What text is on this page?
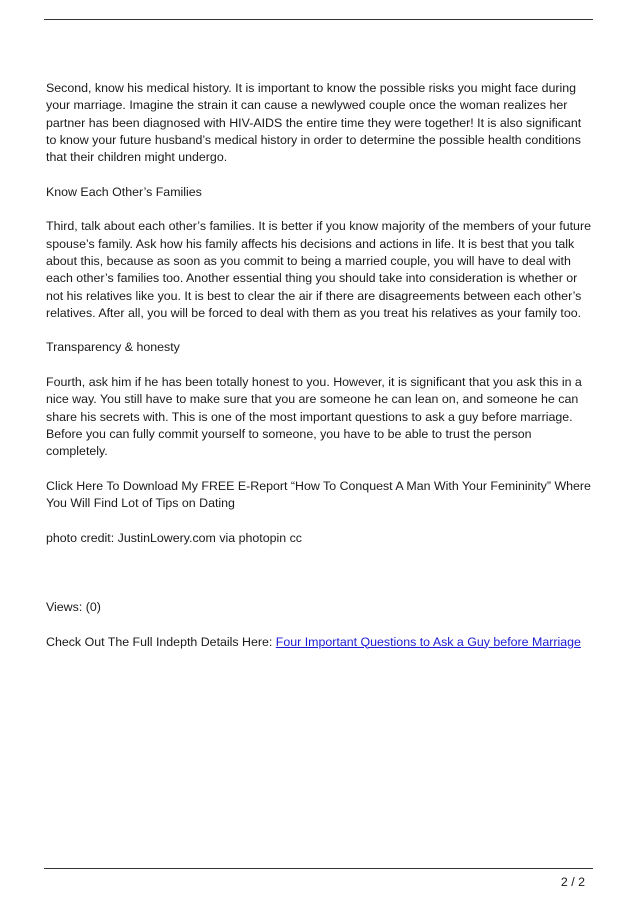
Second, know his medical history. It is important to know the possible risks you might face during your marriage. Imagine the strain it can cause a newlywed couple once the woman realizes her partner has been diagnosed with HIV-AIDS the entire time they were together! It is also significant to know your future husband’s medical history in order to determine the possible health conditions that their children might undergo.

Know Each Other’s Families

Third, talk about each other’s families. It is better if you know majority of the members of your future spouse’s family. Ask how his family affects his decisions and actions in life. It is best that you talk about this, because as soon as you commit to being a married couple, you will have to deal with each other’s families too. Another essential thing you should take into consideration is whether or not his relatives like you. It is best to clear the air if there are disagreements between each other’s relatives. After all, you will be forced to deal with them as you treat his relatives as your family too.

Transparency & honesty

Fourth, ask him if he has been totally honest to you. However, it is significant that you ask this in a nice way. You still have to make sure that you are someone he can lean on, and someone he can share his secrets with. This is one of the most important questions to ask a guy before marriage. Before you can fully commit yourself to someone, you have to be able to trust the person completely.

Click Here To Download My FREE E-Report “How To Conquest A Man With Your Femininity” Where You Will Find Lot of Tips on Dating

photo credit: JustinLowery.com via photopin cc

Views: (0)

Check Out The Full Indepth Details Here: Four Important Questions to Ask a Guy before Marriage

2 / 2
